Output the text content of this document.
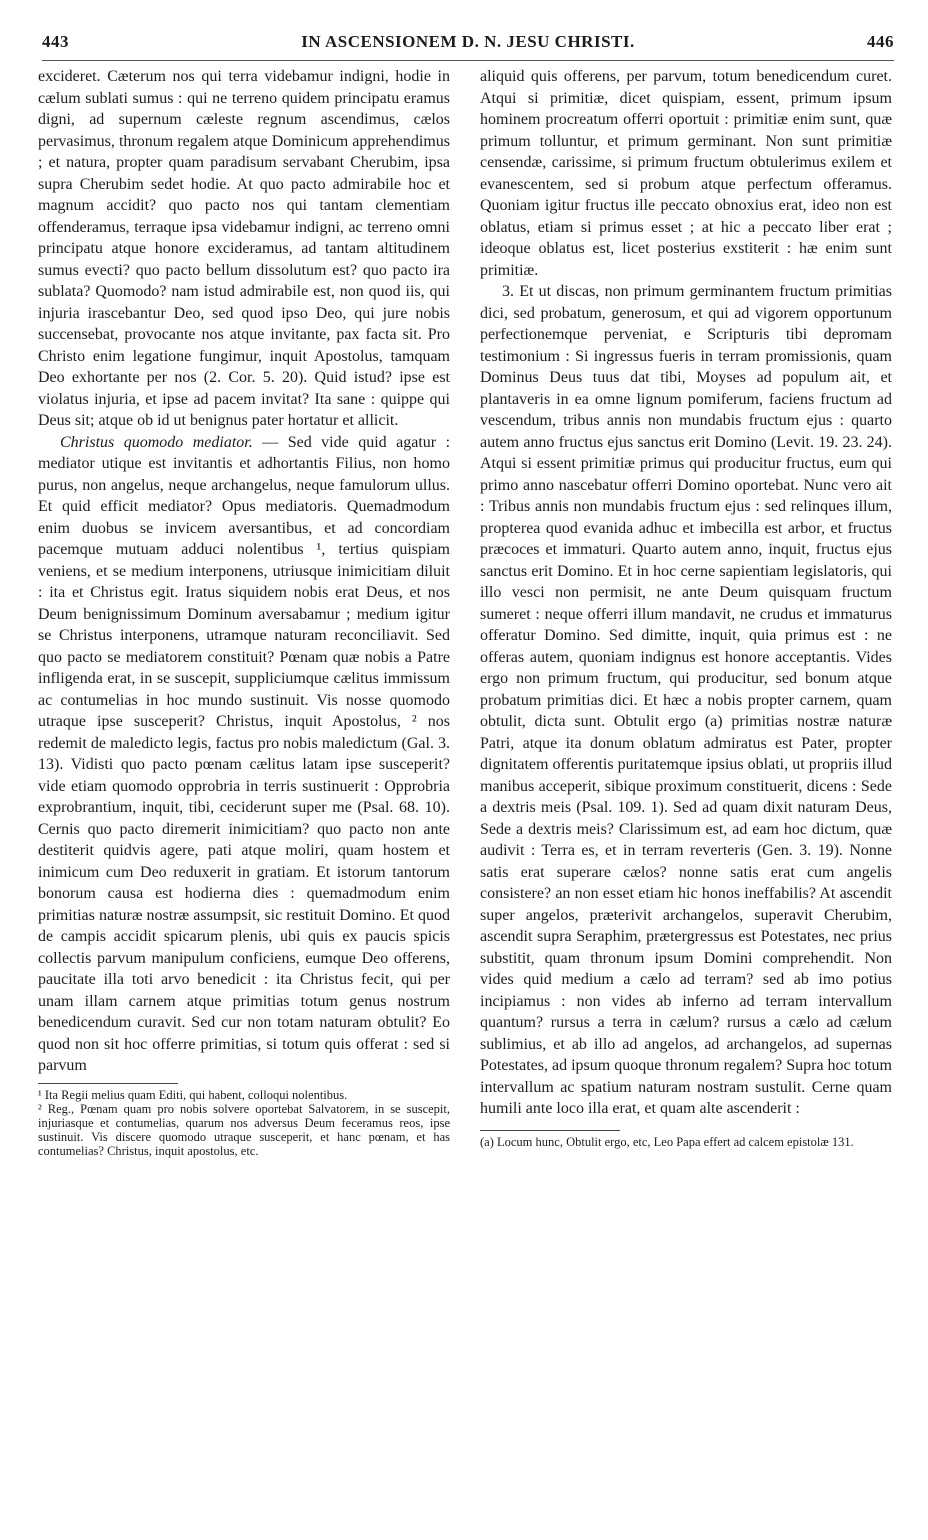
443	IN ASCENSIONEM D. N. JESU CHRISTI.	446

excideret. Cæterum nos qui terra videbamur indigni, hodie in cælum sublati sumus : qui ne terreno quidem principatu eramus digni, ad supernum cæleste regnum ascendimus, cælos pervasimus, thronum regalem atque Dominicum apprehendimus ; et natura, propter quam paradisum servabant Cherubim, ipsa supra Cherubim sedet hodie. At quo pacto admirabile hoc et magnum accidit? quo pacto nos qui tantam clementiam offenderamus, terraque ipsa videbamur indigni, ac terreno omni principatu atque honore excideramus, ad tantam altitudinem sumus evecti? quo pacto bellum dissolutum est? quo pacto ira sublata? Quomodo? nam istud admirabile est, non quod iis, qui injuria irascebantur Deo, sed quod ipso Deo, qui jure nobis succensebat, provocante nos atque invitante, pax facta sit. Pro Christo enim legatione fungimur, inquit Apostolus, tamquam Deo exhortante per nos (2. Cor. 5. 20). Quid istud? ipse est violatus injuria, et ipse ad pacem invitat? Ita sane : quippe qui Deus sit; atque ob id ut benignus pater hortatur et allicit.

Christus quomodo mediator. — Sed vide quid agatur : mediator utique est invitantis et adhortantis Filius, non homo purus, non angelus, neque archangelus, neque famulorum ullus. Et quid efficit mediator? Opus mediatoris. Quemadmodum enim duobus se invicem aversantibus, et ad concordiam pacemque mutuam adduci nolentibus ¹, tertius quispiam veniens, et se medium interponens, utriusque inimicitiam diluit : ita et Christus egit. Iratus siquidem nobis erat Deus, et nos Deum benignissimum Dominum aversabamur ; medium igitur se Christus interponens, utramque naturam reconciliavit. Sed quo pacto se mediatorem constituit? Pœnam quæ nobis a Patre infligenda erat, in se suscepit, suppliciumque cælitus immissum ac contumelias in hoc mundo sustinuit. Vis nosse quomodo utraque ipse susceperit? Christus, inquit Apostolus, ² nos redemit de maledicto legis, factus pro nobis maledictum (Gal. 3. 13). Vidisti quo pacto pœnam cælitus latam ipse susceperit? vide etiam quomodo opprobria in terris sustinuerit : Opprobria exprobrantium, inquit, tibi, ceciderunt super me (Psal. 68. 10). Cernis quo pacto diremerit inimicitiam? quo pacto non ante destiterit quidvis agere, pati atque moliri, quam hostem et inimicum cum Deo reduxerit in gratiam. Et istorum tantorum bonorum causa est hodierna dies : quemadmodum enim primitias naturæ nostræ assumpsit, sic restituit Domino. Et quod de campis accidit spicarum plenis, ubi quis ex paucis spicis collectis parvum manipulum conficiens, eumque Deo offerens, paucitate illa toti arvo benedicit : ita Christus fecit, qui per unam illam carnem atque primitias totum genus nostrum benedicendum curavit. Sed cur non totam naturam obtulit? Eo quod non sit hoc offerre primitias, si totum quis offerat : sed si parvum

¹ Ita Regii melius quam Editi, qui habent, colloqui nolentibus.

² Reg., Pœnam quam pro nobis solvere oportebat Salvatorem, in se suscepit, injuriasque et contumelias, quarum nos adversus Deum feceramus reos, ipse sustinuit. Vis discere quomodo utraque susceperit, et hanc pœnam, et has contumelias? Christus, inquit apostolus, etc.

aliquid quis offerens, per parvum, totum benedicendum curet. Atqui si primitiæ, dicet quispiam, essent, primum ipsum hominem procreatum offerri oportuit : primitiæ enim sunt, quæ primum tolluntur, et primum germinant. Non sunt primitiæ censendæ, carissime, si primum fructum obtulerimus exilem et evanescentem, sed si probum atque perfectum offeramus. Quoniam igitur fructus ille peccato obnoxius erat, ideo non est oblatus, etiam si primus esset ; at hic a peccato liber erat ; ideoque oblatus est, licet posterius exstiterit : hæ enim sunt primitiæ.

3. Et ut discas, non primum germinantem fructum primitias dici, sed probatum, generosum, et qui ad vigorem opportunum perfectionemque perveniat, e Scripturis tibi depromam testimonium : Si ingressus fueris in terram promissionis, quam Dominus Deus tuus dat tibi, Moyses ad populum ait, et plantaveris in ea omne lignum pomiferum, faciens fructum ad vescendum, tribus annis non mundabis fructum ejus : quarto autem anno fructus ejus sanctus erit Domino (Levit. 19. 23. 24). Atqui si essent primitiæ primus qui producitur fructus, eum qui primo anno nascebatur offerri Domino oportebat. Nunc vero ait : Tribus annis non mundabis fructum ejus : sed relinques illum, propterea quod evanida adhuc et imbecilla est arbor, et fructus præcoces et immaturi. Quarto autem anno, inquit, fructus ejus sanctus erit Domino. Et in hoc cerne sapientiam legislatoris, qui illo vesci non permisit, ne ante Deum quisquam fructum sumeret : neque offerri illum mandavit, ne crudus et immaturus offeratur Domino. Sed dimitte, inquit, quia primus est : ne offeras autem, quoniam indignus est honore acceptantis. Vides ergo non primum fructum, qui producitur, sed bonum atque probatum primitias dici. Et hæc a nobis propter carnem, quam obtulit, dicta sunt. Obtulit ergo (a) primitias nostræ naturæ Patri, atque ita donum oblatum admiratus est Pater, propter dignitatem offerentis puritatemque ipsius oblati, ut propriis illud manibus acceperit, sibique proximum constituerit, dicens : Sede a dextris meis (Psal. 109. 1). Sed ad quam dixit naturam Deus, Sede a dextris meis? Clarissimum est, ad eam hoc dictum, quæ audivit : Terra es, et in terram reverteris (Gen. 3. 19). Nonne satis erat superare cælos? nonne satis erat cum angelis consistere? an non esset etiam hic honos ineffabilis? At ascendit super angelos, præterivit archangelos, superavit Cherubim, ascendit supra Seraphim, prætergressus est Potestates, nec prius substitit, quam thronum ipsum Domini comprehendit. Non vides quid medium a cælo ad terram? sed ab imo potius incipiamus : non vides ab inferno ad terram intervallum quantum? rursus a terra in cælum? rursus a cælo ad cælum sublimius, et ab illo ad angelos, ad archangelos, ad supernas Potestates, ad ipsum quoque thronum regalem? Supra hoc totum intervallum ac spatium naturam nostram sustulit. Cerne quam humili ante loco illa erat, et quam alte ascenderit :

(a) Locum hunc, Obtulit ergo, etc, Leo Papa effert ad calcem epistolæ 131.
